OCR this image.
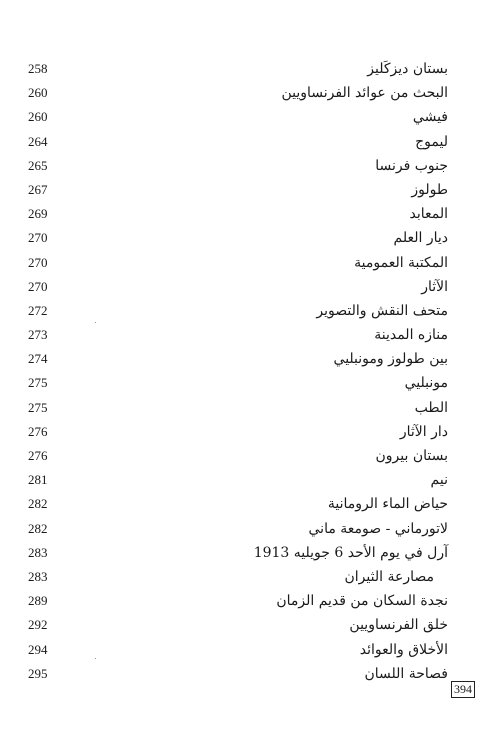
258	بستان ديزكَليز
260	البحث من عوائد الفرنساويين
260	فيشي
264	ليموج
265	جنوب فرنسا
267	طولوز
269	المعابد
270	ديار العلم
270	المكتبة العمومية
270	الآثار
272	متحف النقش والتصوير
273	منازه المدينة
274	بين طولوز ومونبليي
275	مونبليي
275	الطب
276	دار الآثار
276	بستان بيرون
281	نيم
282	حياض الماء الرومانية
282	لاتورماني - صومعة ماني
283	آرل في يوم الأحد 6 جويليه 1913
283	مصارعة الثيران
289	نجدة السكان من قديم الزمان
292	خلق الفرنساويين
294	الأخلاق والعوائد
295	فصاحة اللسان
394
